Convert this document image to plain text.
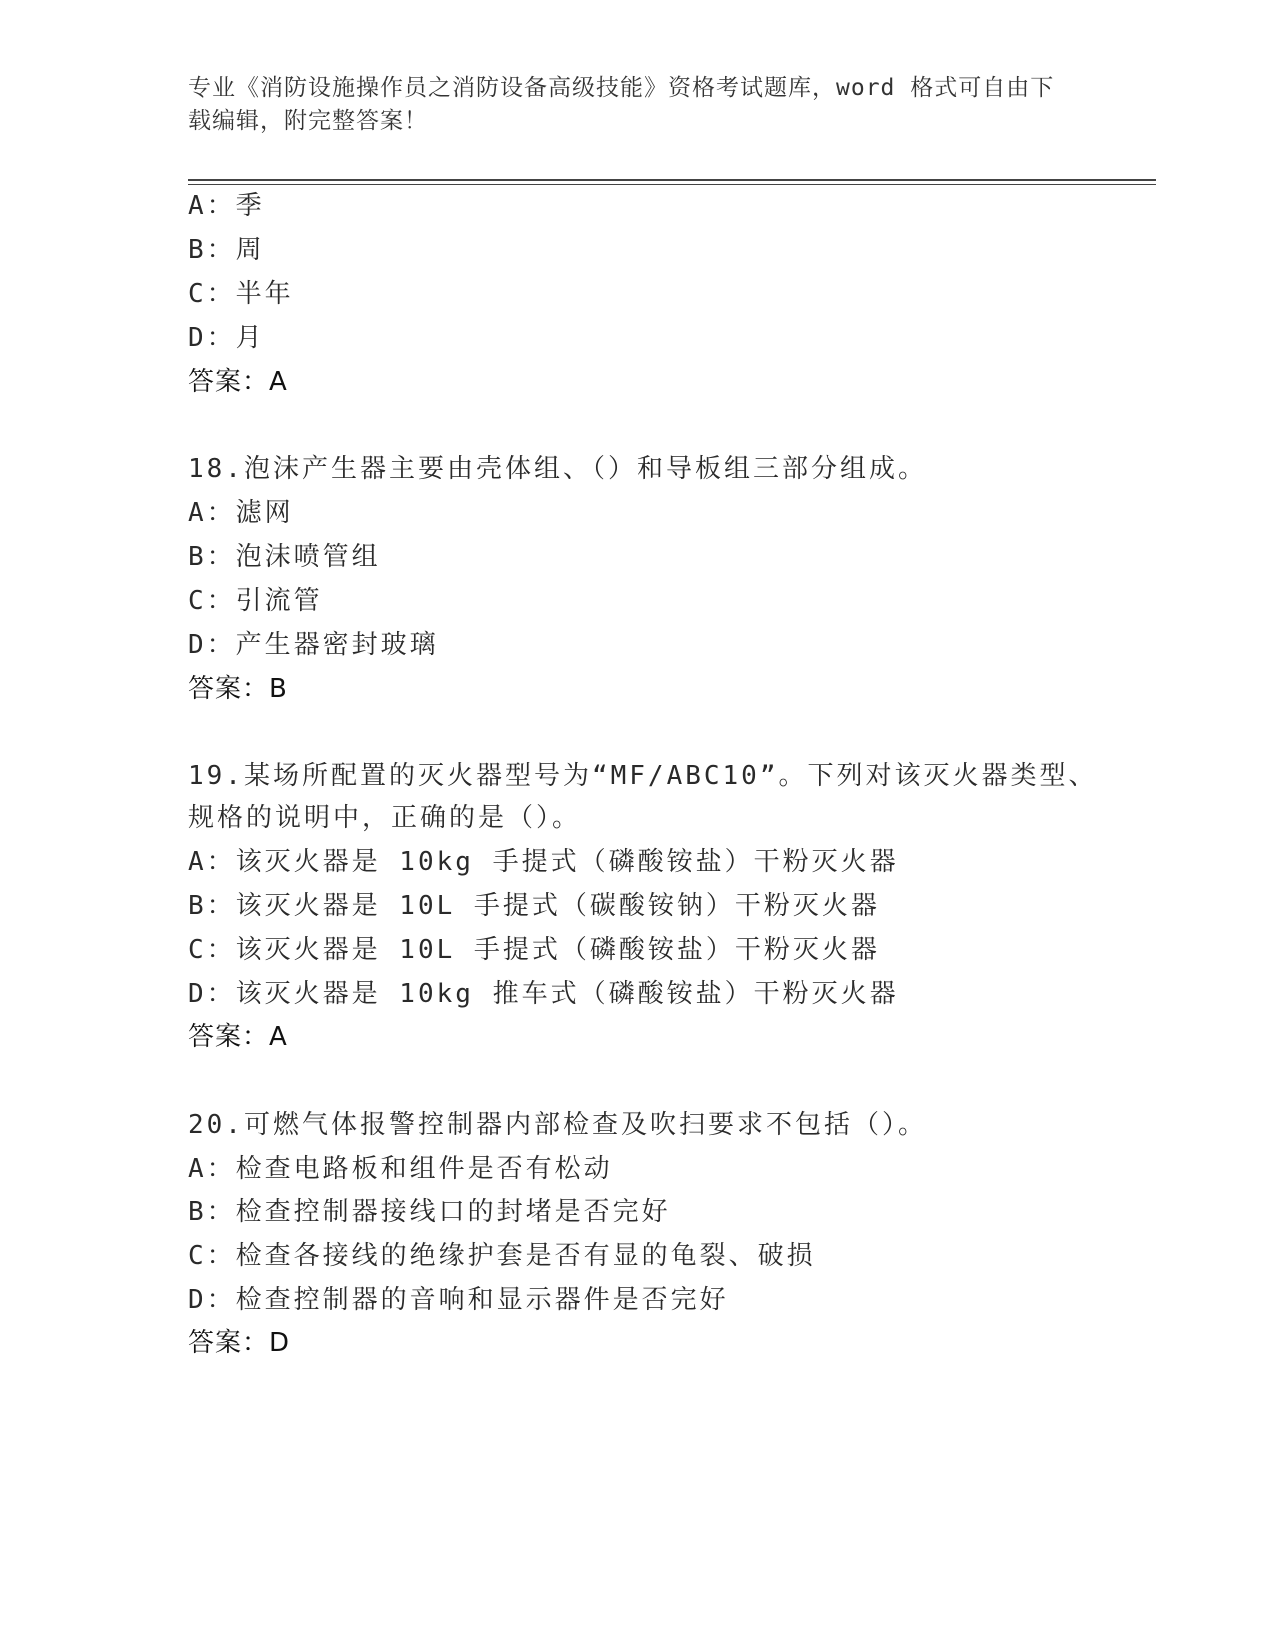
专业《消防设施操作员之消防设备高级技能》资格考试题库，word 格式可自由下
载编辑，附完整答案！
A：季
B：周
C：半年
D：月
答案：A
18.泡沫产生器主要由壳体组、（）和导板组三部分组成。
A：滤网
B：泡沫喷管组
C：引流管
D：产生器密封玻璃
答案：B
19.某场所配置的灭火器型号为“MF/ABC10”。下列对该灭火器类型、
规格的说明中，正确的是（）。
A：该灭火器是 10kg 手提式（磷酸铵盐）干粉灭火器
B：该灭火器是 10L 手提式（碳酸铵钠）干粉灭火器
C：该灭火器是 10L 手提式（磷酸铵盐）干粉灭火器
D：该灭火器是 10kg 推车式（磷酸铵盐）干粉灭火器
答案：A
20.可燃气体报警控制器内部检查及吹扫要求不包括（）。
A：检查电路板和组件是否有松动
B：检查控制器接线口的封堵是否完好
C：检查各接线的绝缘护套是否有显的龟裂、破损
D：检查控制器的音响和显示器件是否完好
答案：D
